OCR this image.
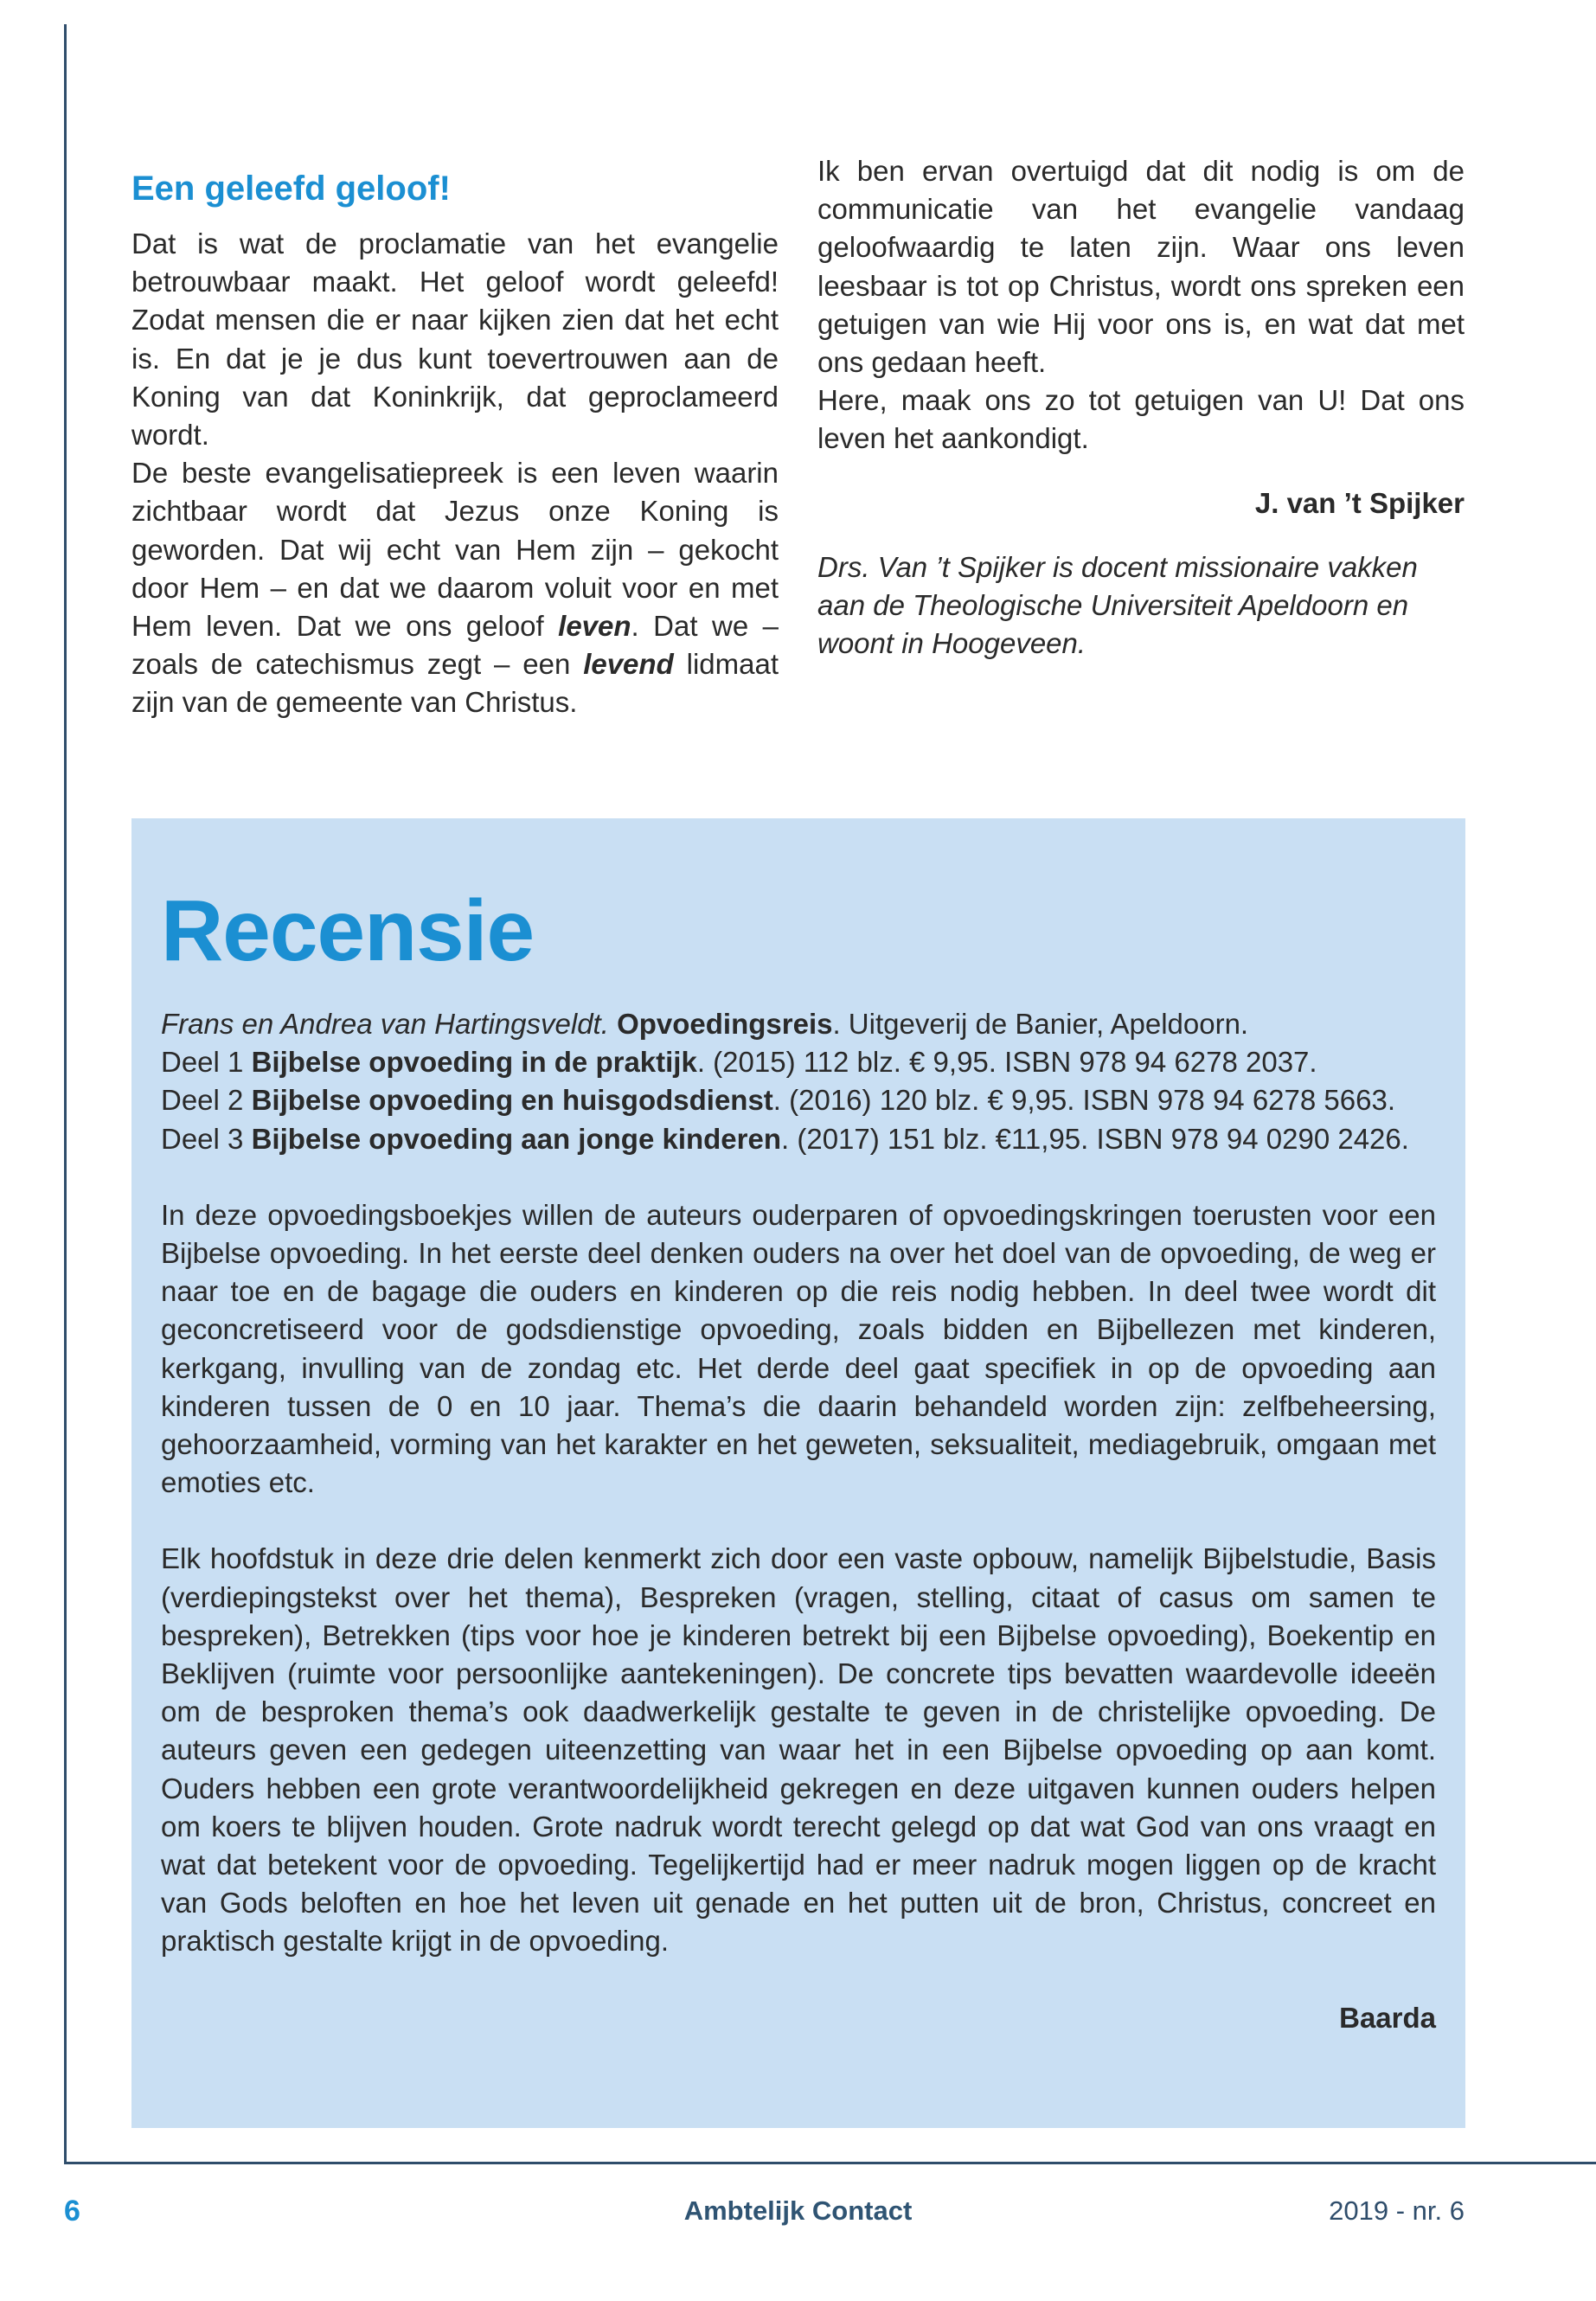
Een geleefd geloof!

Dat is wat de proclamatie van het evangelie betrouwbaar maakt. Het geloof wordt geleefd! Zodat mensen die er naar kijken zien dat het echt is. En dat je je dus kunt toevertrouwen aan de Koning van dat Koninkrijk, dat geproclameerd wordt.

De beste evangelisatiepreek is een leven waarin zichtbaar wordt dat Jezus onze Koning is geworden. Dat wij echt van Hem zijn – gekocht door Hem – en dat we daarom voluit voor en met Hem leven. Dat we ons geloof leven. Dat we – zoals de catechismus zegt – een levend lidmaat zijn van de gemeente van Christus.

Ik ben ervan overtuigd dat dit nodig is om de communicatie van het evangelie vandaag geloofwaardig te laten zijn. Waar ons leven leesbaar is tot op Christus, wordt ons spreken een getuigen van wie Hij voor ons is, en wat dat met ons gedaan heeft.

Here, maak ons zo tot getuigen van U! Dat ons leven het aankondigt.

J. van ’t Spijker

Drs. Van ’t Spijker is docent missionaire vakken aan de Theologische Universiteit Apeldoorn en woont in Hoogeveen.

Recensie

Frans en Andrea van Hartingsveldt. Opvoedingsreis. Uitgeverij de Banier, Apeldoorn.

Deel 1 Bijbelse opvoeding in de praktijk. (2015) 112 blz. € 9,95. ISBN 978 94 6278 2037.

Deel 2 Bijbelse opvoeding en huisgodsdienst. (2016) 120 blz. € 9,95. ISBN 978 94 6278 5663.

Deel 3 Bijbelse opvoeding aan jonge kinderen. (2017) 151 blz. €11,95. ISBN 978 94 0290 2426.

In deze opvoedingsboekjes willen de auteurs ouderparen of opvoedingskringen toerusten voor een Bijbelse opvoeding. In het eerste deel denken ouders na over het doel van de opvoeding, de weg er naar toe en de bagage die ouders en kinderen op die reis nodig hebben. In deel twee wordt dit geconcretiseerd voor de godsdienstige opvoeding, zoals bidden en Bijbellezen met kinderen, kerkgang, invulling van de zondag etc. Het derde deel gaat specifiek in op de opvoeding aan kinderen tussen de 0 en 10 jaar. Thema’s die daarin behandeld worden zijn: zelfbeheersing, gehoorzaamheid, vorming van het karakter en het geweten, seksualiteit, mediagebruik, omgaan met emoties etc.

Elk hoofdstuk in deze drie delen kenmerkt zich door een vaste opbouw, namelijk Bijbelstudie, Basis (verdiepingstekst over het thema), Bespreken (vragen, stelling, citaat of casus om samen te bespreken), Betrekken (tips voor hoe je kinderen betrekt bij een Bijbelse opvoeding), Boekentip en Beklijven (ruimte voor persoonlijke aantekeningen). De concrete tips bevatten waardevolle ideeën om de besproken thema’s ook daadwerkelijk gestalte te geven in de christelijke opvoeding. De auteurs geven een gedegen uiteenzetting van waar het in een Bijbelse opvoeding op aan komt. Ouders hebben een grote verantwoordelijkheid gekregen en deze uitgaven kunnen ouders helpen om koers te blijven houden. Grote nadruk wordt terecht gelegd op dat wat God van ons vraagt en wat dat betekent voor de opvoeding. Tegelijkertijd had er meer nadruk mogen liggen op de kracht van Gods beloften en hoe het leven uit genade en het putten uit de bron, Christus, concreet en praktisch gestalte krijgt in de opvoeding.

Baarda

6	Ambtelijk Contact	2019 - nr. 6
